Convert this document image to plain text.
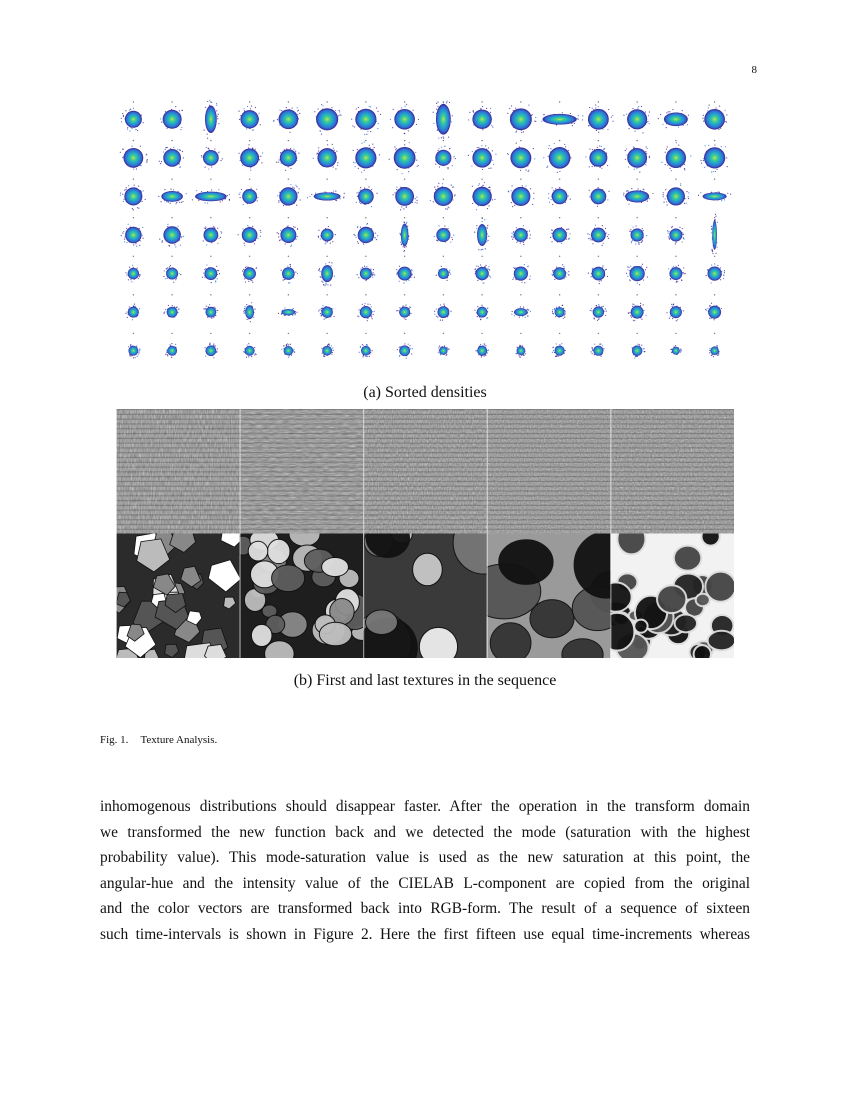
8
(a) Sorted densities
(b) First and last textures in the sequence
Fig. 1. Texture Analysis.
inhomogenous distributions should disappear faster. After the operation in the transform domain
we transformed the new function back and we detected the mode (saturation with the highest
probability value). This mode-saturation value is used as the new saturation at this point, the
angular-hue and the intensity value of the CIELAB L-component are copied from the original
and the color vectors are transformed back into RGB-form. The result of a sequence of sixteen
such time-intervals is shown in Figure 2. Here the first fifteen use equal time-increments whereas
